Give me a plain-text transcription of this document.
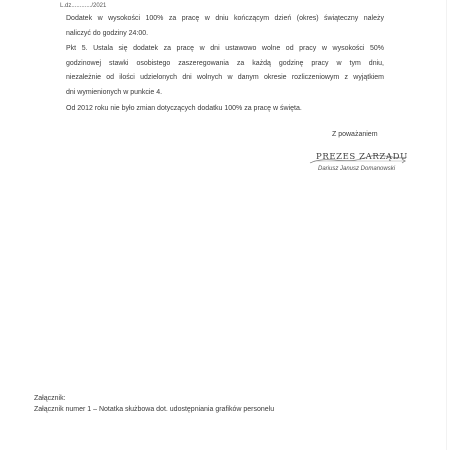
L.dz............/2021
Dodatek w wysokości 100% za pracę w dniu kończącym dzień (okres) świąteczny należy
naliczyć do godziny 24:00.
Pkt 5. Ustala się dodatek za pracę w dni ustawowo wolne od pracy w wysokości 50%
godzinowej stawki osobistego zaszeregowania za każdą godzinę pracy w tym dniu,
niezależnie od ilości udzielonych dni wolnych w danym okresie rozliczeniowym z wyjątkiem
dni wymienionych w punkcie 4.
Od 2012 roku nie było zmian dotyczących dodatku 100% za pracę w święta.
Z poważaniem
PREZES ZARZĄDU
Dariusz Janusz Domanowski
Załącznik:
Załącznik numer 1 – Notatka służbowa dot. udostępniania grafików personelu
